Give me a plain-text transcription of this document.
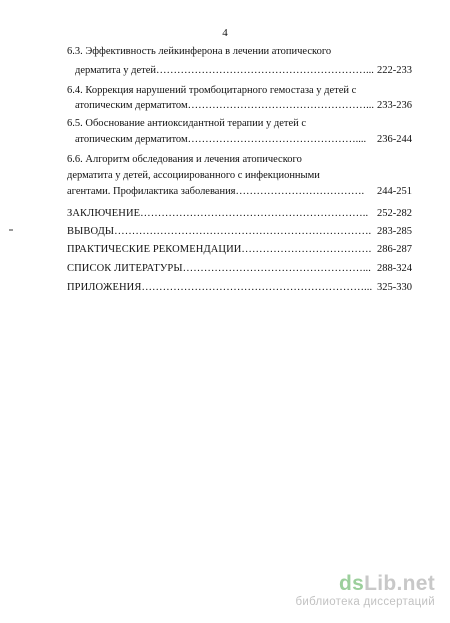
4
6.3. Эффективность лейкинферона в лечении атопического
дерматита у детей……………………………………………………... 222-233
6.4. Коррекция нарушений тромбоцитарного гемостаза у детей с
атопическим дерматитом……………………………………………... 233-236
6.5. Обоснование антиоксидантной терапии у детей с
атопическим дерматитом………………………………………….... 236-244
6.6. Алгоритм обследования и лечения атопического
дерматита у детей, ассоциированного с инфекционными
агентами. Профилактика заболевания………………………………. 244-251
ЗАКЛЮЧЕНИЕ……………………………………………………….. 252-282
ВЫВОДЫ………………………………………………………………. 283-285
ПРАКТИЧЕСКИЕ РЕКОМЕНДАЦИИ………………………………. 286-287
СПИСОК ЛИТЕРАТУРЫ……………………………………………... 288-324
ПРИЛОЖЕНИЯ………………………………………………………... 325-330
dsLib.net
библиотека диссертаций
